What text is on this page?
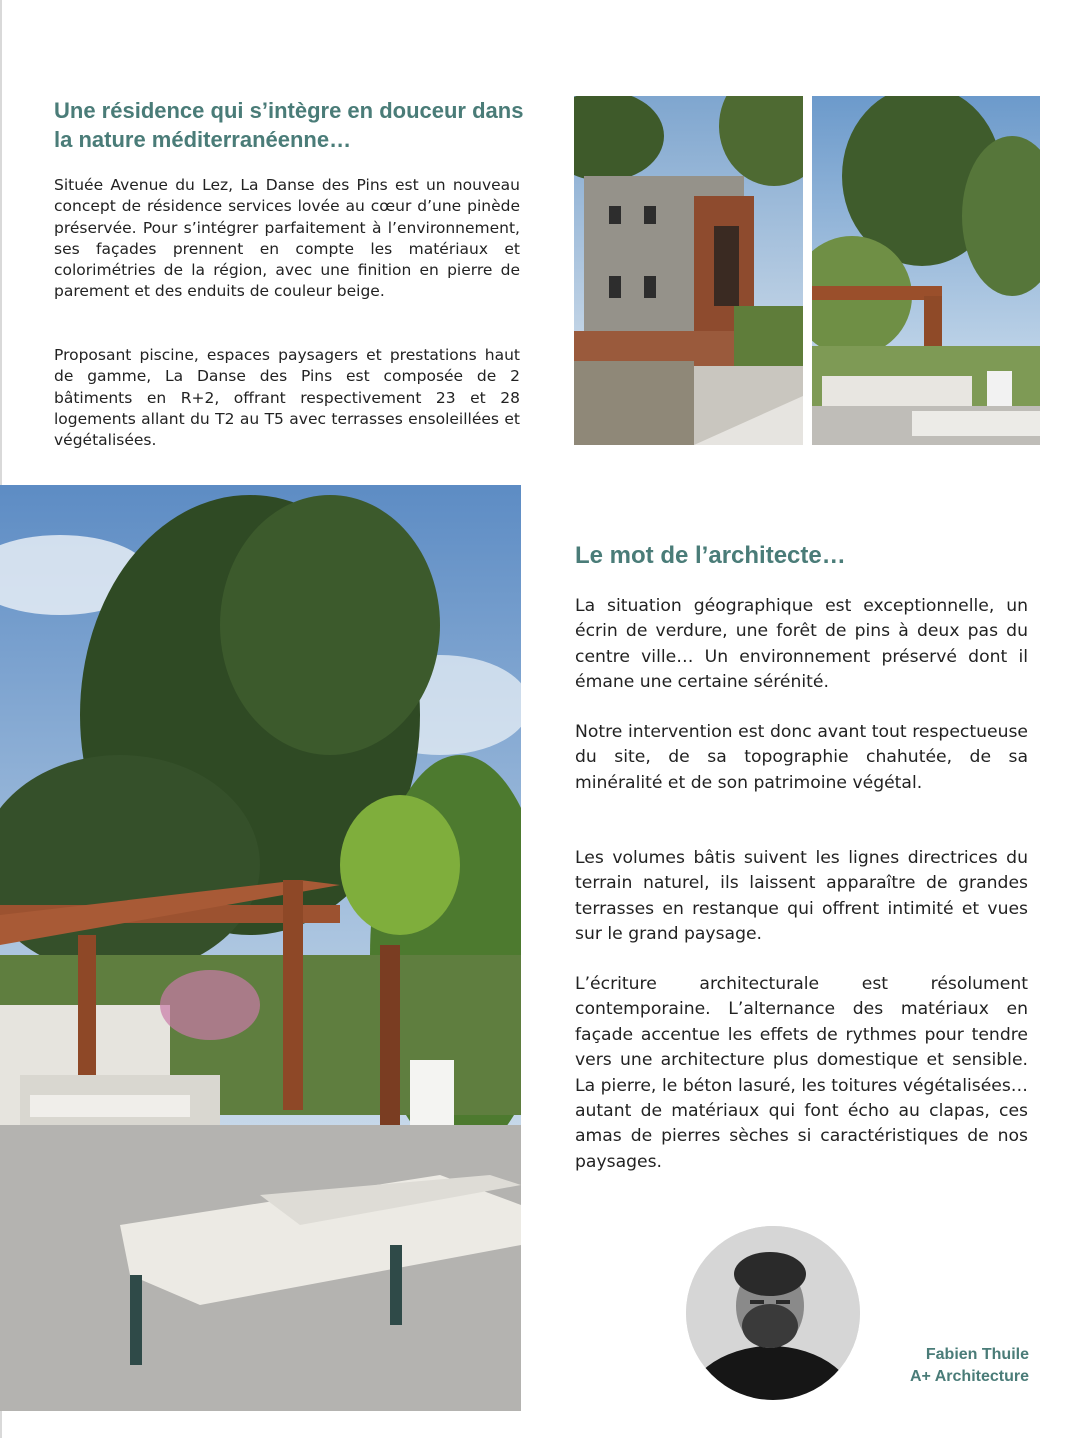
Une résidence qui s’intègre en douceur dans la nature méditerranéenne…

Située Avenue du Lez, La Danse des Pins est un nouveau concept de résidence services lovée au cœur d’une pinède préservée. Pour s’intégrer parfaitement à l’environnement, ses façades prennent en compte les matériaux et colorimétries de la région, avec une finition en pierre de parement et des enduits de couleur beige.

Proposant piscine, espaces paysagers et prestations haut de gamme, La Danse des Pins est composée de 2 bâtiments en R+2, offrant respectivement 23 et 28 logements allant du T2 au T5 avec terrasses ensoleillées et végétalisées.

Le mot de l’architecte…

La situation géographique est exceptionnelle, un écrin de verdure, une forêt de pins à deux pas du centre ville… Un environnement préservé dont il émane une certaine sérénité.

Notre intervention est donc avant tout respectueuse du site, de sa topographie chahutée, de sa minéralité et de son patrimoine végétal.

Les volumes bâtis suivent les lignes directrices du terrain naturel, ils laissent apparaître de grandes terrasses en restanque qui offrent intimité et vues sur le grand paysage.

L’écriture architecturale est résolument contemporaine. L’alternance des matériaux en façade accentue les effets de rythmes pour tendre vers une architecture plus domestique et sensible. La pierre, le béton lasuré, les toitures végétalisées… autant de matériaux qui font écho au clapas, ces amas de pierres sèches si caractéristiques de nos paysages.

Fabien Thuile
A+ Architecture
